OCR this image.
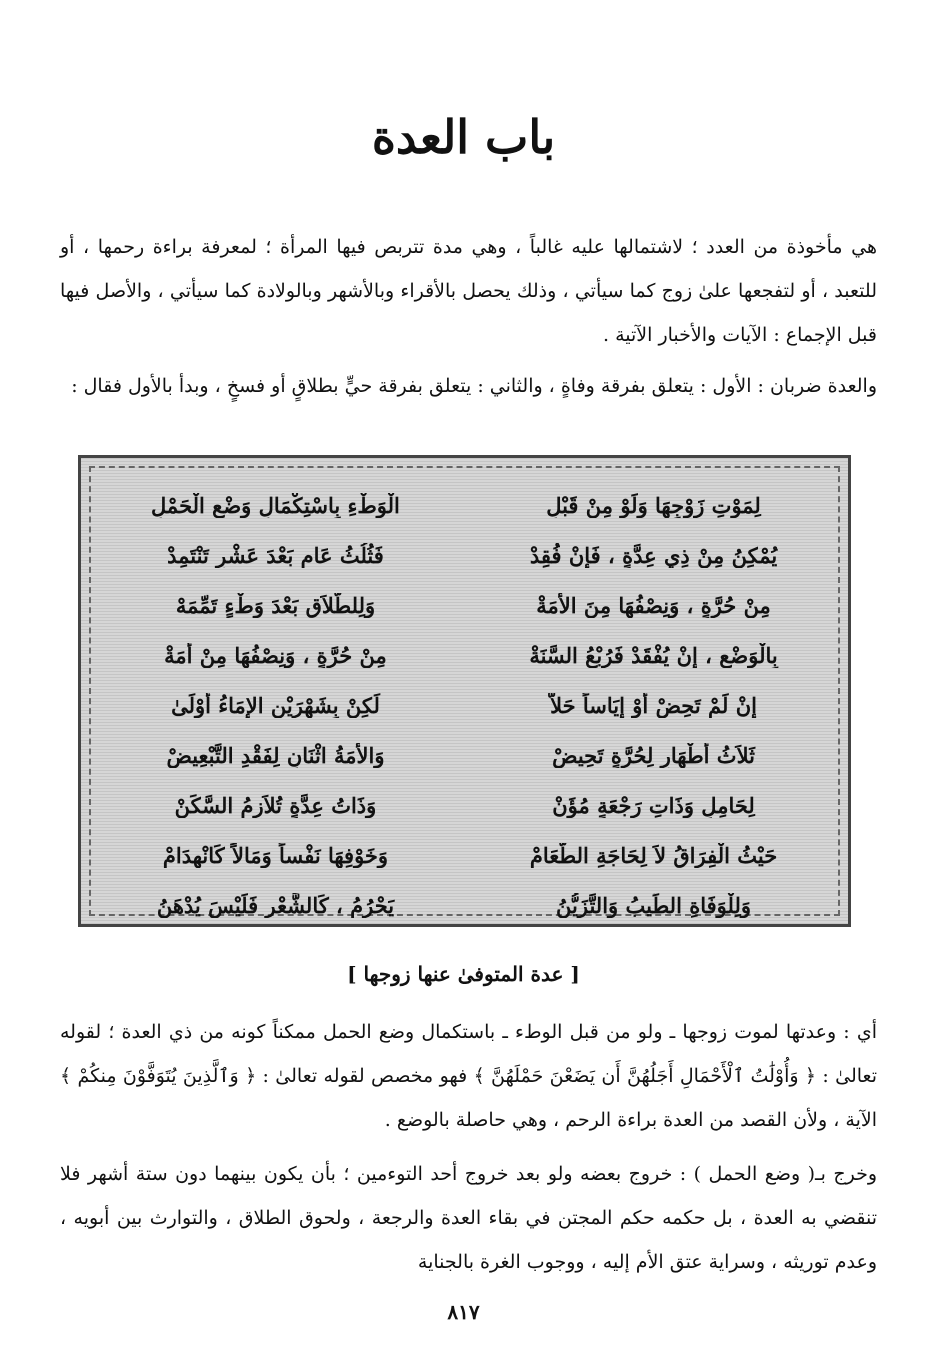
باب العدة

هي مأخوذة من العدد ؛ لاشتمالها عليه غالباً ، وهي مدة تتربص فيها المرأة ؛ لمعرفة براءة رحمها ، أو للتعبد ، أو لتفجعها علىٰ زوج كما سيأتي ، وذلك يحصل بالأقراء وبالأشهر وبالولادة كما سيأتي ، والأصل فيها قبل الإجماع : الآيات والأخبار الآتية .

والعدة ضربان : الأول : يتعلق بفرقة وفاةٍ ، والثاني : يتعلق بفرقة حيٍّ بطلاقٍ أو فسخٍ ، وبدأ بالأول فقال :

لِمَوْتِ زَوْجِهَا وَلَوْ مِنْ قَبْلِ
الْوَطْءِ بِاسْتِكْمَالِ وَضْعِ الْحَمْلِ
يُمْكِنُ مِنْ ذِي عِدَّةٍ ، فَإِنْ فُقِدْ
فَثُلُثُ عَامٍ بَعْدَ عَشْرٍ تَنْتَمِدْ
مِنْ حُرَّةٍ ، وَنِصْفُهَا مِنَ الأَمَةْ
وَلِلطَّلاَقِ بَعْدَ وَطْءٍ تَمِّمَهْ
بِالْوَضْعِ ، إِنْ يُفْقَدْ فَرُبْعُ السَّنَةْ
مِنْ حُرَّةٍ ، وَنِصْفُهَا مِنْ أَمَةْ
إِنْ لَمْ تَحِضْ أَوْ إِيَاساً حَلاَّ
لَكِنْ بِشَهْرَيْنِ الإِمَاءُ أَوْلَىٰ
ثَلاَثُ أَطْهَارٍ لِحُرَّةٍ تَحِيضْ
وَالأَمَةُ اثْنَانِ لِفَقْدِ التَّبْعِيضْ
لِحَامِلٍ وَذَاتِ رَجْعَةٍ مُؤَنْ
وَذَاتُ عِدَّةٍ تُلاَزِمُ السَّكَنْ
حَيْثُ الْفِرَاقُ لاَ لِحَاجَةِ الطَّعَامْ
وَخَوْفِهَا نَفْساً وَمَالاً كَانْهِدَامْ
وَلِلْوَفَاةِ الطِّيبُ وَالتَّزَيُّنُ
يَحْرُمُ ، كَالشَّعْرِ فَلَيْسَ يُدْهَنُ
[ عدة المتوفىٰ عنها زوجها ]

أي : وعدتها لموت زوجها ـ ولو من قبل الوطء ـ باستكمال وضع الحمل ممكناً كونه من ذي العدة ؛ لقوله تعالىٰ : ﴿ وَأُوْلَٰتُ ٱلْأَحْمَالِ أَجَلُهُنَّ أَن يَضَعْنَ حَمْلَهُنَّ ﴾ فهو مخصص لقوله تعالىٰ : ﴿ وَٱلَّذِينَ يُتَوَفَّوْنَ مِنكُمْ ﴾ الآية ، ولأن القصد من العدة براءة الرحم ، وهي حاصلة بالوضع .

وخرج بـ( وضع الحمل ) : خروج بعضه ولو بعد خروج أحد التوءمين ؛ بأن يكون بينهما دون ستة أشهر فلا تنقضي به العدة ، بل حكمه حكم المجتن في بقاء العدة والرجعة ، ولحوق الطلاق ، والتوارث بين أبويه ، وعدم توريثه ، وسراية عتق الأم إليه ، ووجوب الغرة بالجناية

٨١٧
